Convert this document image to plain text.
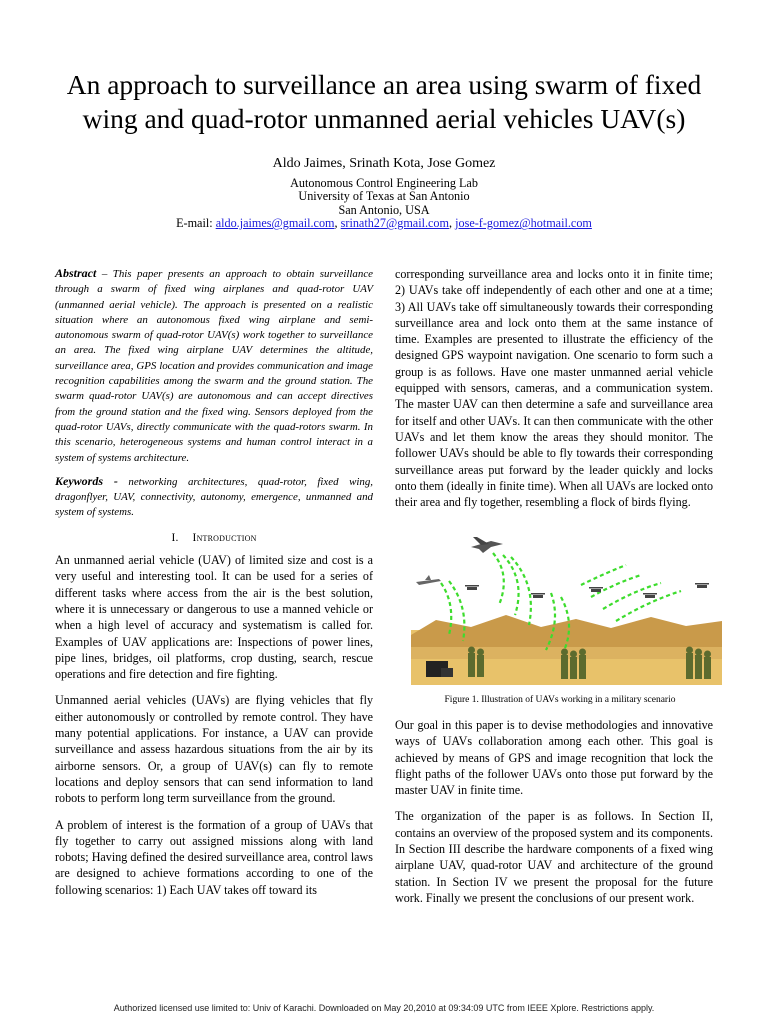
An approach to surveillance an area using swarm of fixed wing and quad-rotor unmanned aerial vehicles UAV(s)
Aldo Jaimes, Srinath Kota, Jose Gomez
Autonomous Control Engineering Lab
University of Texas at San Antonio
San Antonio, USA
E-mail: aldo.jaimes@gmail.com, srinath27@gmail.com, jose-f-gomez@hotmail.com

Abstract – This paper presents an approach to obtain surveillance through a swarm of fixed wing airplanes and quad-rotor UAV (unmanned aerial vehicle). The approach is presented on a realistic situation where an autonomous fixed wing airplane and semi-autonomous swarm of quad-rotor UAV(s) work together to surveillance an area. The fixed wing airplane UAV determines the altitude, surveillance area, GPS location and provides communication and image recognition capabilities among the swarm and the ground station. The swarm quad-rotor UAV(s) are autonomous and can accept directives from the ground station and the fixed wing. Sensors deployed from the quad-rotor UAVs, directly communicate with the quad-rotors swarm. In this scenario, heterogeneous systems and human control interact in a system of systems architecture.

Keywords - networking architectures, quad-rotor, fixed wing, dragonflyer, UAV, connectivity, autonomy, emergence, unmanned and system of systems.

I. Introduction

An unmanned aerial vehicle (UAV) of limited size and cost is a very useful and interesting tool. It can be used for a series of different tasks where access from the air is the best solution, where it is unnecessary or dangerous to use a manned vehicle or when a high level of accuracy and systematism is called for. Examples of UAV applications are: Inspections of power lines, pipe lines, bridges, oil platforms, crop dusting, search, rescue operations and fire detection and fire fighting.

Unmanned aerial vehicles (UAVs) are flying vehicles that fly either autonomously or controlled by remote control. They have many potential applications. For instance, a UAV can provide surveillance and assess hazardous situations from the air by its airborne sensors. Or, a group of UAV(s) can fly to remote locations and deploy sensors that can send information to land robots to perform long term surveillance from the ground.

A problem of interest is the formation of a group of UAVs that fly together to carry out assigned missions along with land robots; Having defined the desired surveillance area, control laws are designed to achieve formations according to one of the following scenarios: 1) Each UAV takes off toward its

corresponding surveillance area and locks onto it in finite time; 2) UAVs take off independently of each other and one at a time; 3) All UAVs take off simultaneously towards their corresponding surveillance area and lock onto them at the same instance of time. Examples are presented to illustrate the efficiency of the designed GPS waypoint navigation. One scenario to form such a group is as follows. Have one master unmanned aerial vehicle equipped with sensors, cameras, and a communication system. The master UAV can then determine a safe and surveillance area for itself and other UAVs. It can then communicate with the other UAVs and let them know the areas they should monitor. The follower UAVs should be able to fly towards their corresponding surveillance areas put forward by the leader quickly and locks onto them (ideally in finite time). When all UAVs are locked onto their area and fly together, resembling a flock of birds flying.

Figure 1. Illustration of UAVs working in a military scenario

Our goal in this paper is to devise methodologies and innovative ways of UAVs collaboration among each other. This goal is achieved by means of GPS and image recognition that lock the flight paths of the follower UAVs onto those put forward by the master UAV in finite time.

The organization of the paper is as follows. In Section II, contains an overview of the proposed system and its components. In Section III describe the hardware components of a fixed wing airplane UAV, quad-rotor UAV and architecture of the ground station. In Section IV we present the proposal for the future work. Finally we present the conclusions of our present work.

Authorized licensed use limited to: Univ of Karachi. Downloaded on May 20,2010 at 09:34:09 UTC from IEEE Xplore. Restrictions apply.
